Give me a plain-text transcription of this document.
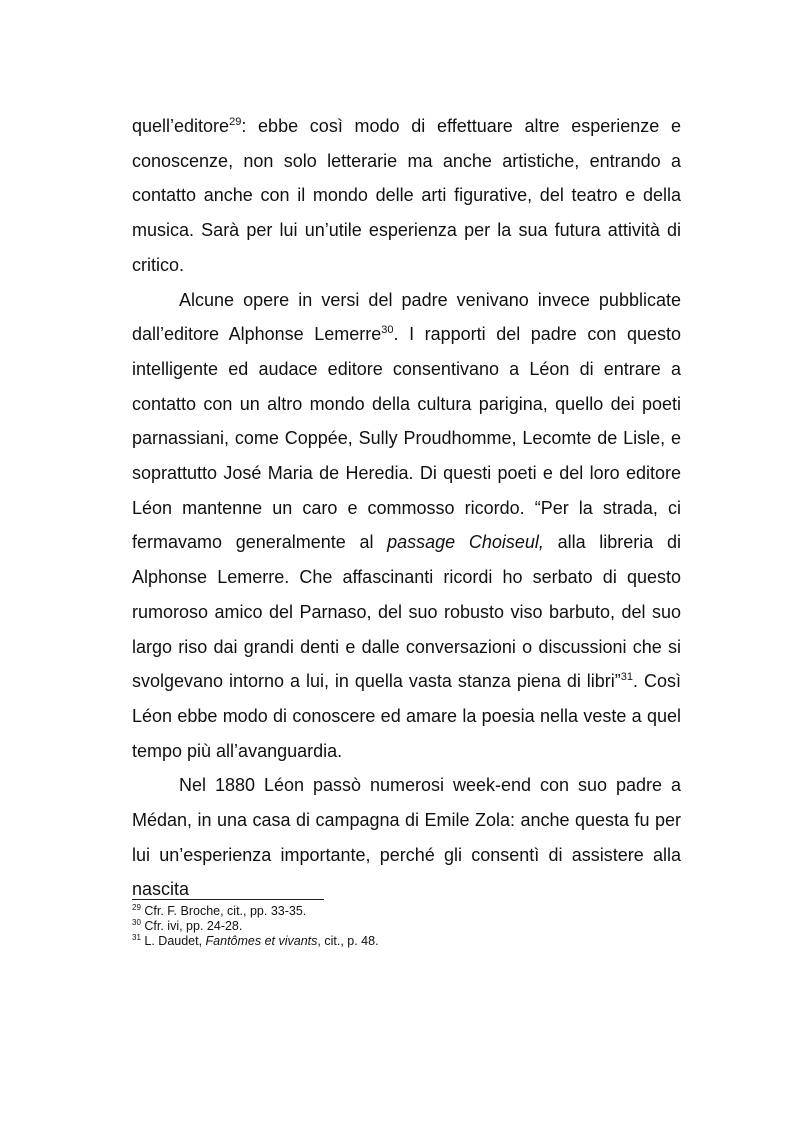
quell’editore$^{29}$: ebbe così modo di effettuare altre esperienze e conoscenze, non solo letterarie ma anche artistiche, entrando a contatto anche con il mondo delle arti figurative, del teatro e della musica. Sarà per lui un’utile esperienza per la sua futura attività di critico.

Alcune opere in versi del padre venivano invece pubblicate dall’editore Alphonse Lemerre$^{30}$. I rapporti del padre con questo intelligente ed audace editore consentivano a Léon di entrare a contatto con un altro mondo della cultura parigina, quello dei poeti parnassiani, come Coppée, Sully Proudhomme, Lecomte de Lisle, e soprattutto José Maria de Heredia. Di questi poeti e del loro editore Léon mantenne un caro e commosso ricordo. “Per la strada, ci fermavamo generalmente al passage Choiseul, alla libreria di Alphonse Lemerre. Che affascinanti ricordi ho serbato di questo rumoroso amico del Parnaso, del suo robusto viso barbuto, del suo largo riso dai grandi denti e dalle conversazioni o discussioni che si svolgevano intorno a lui, in quella vasta stanza piena di libri”$^{31}$. Così Léon ebbe modo di conoscere ed amare la poesia nella veste a quel tempo più all’avanguardia.

Nel 1880 Léon passò numerosi week-end con suo padre a Médan, in una casa di campagna di Emile Zola: anche questa fu per lui un’esperienza importante, perché gli consentì di assistere alla nascita

$^{29}$ Cfr. F. Broche, cit., pp. 33-35.
$^{30}$ Cfr. ivi, pp. 24-28.
$^{31}$ L. Daudet, Fantômes et vivants, cit., p. 48.
